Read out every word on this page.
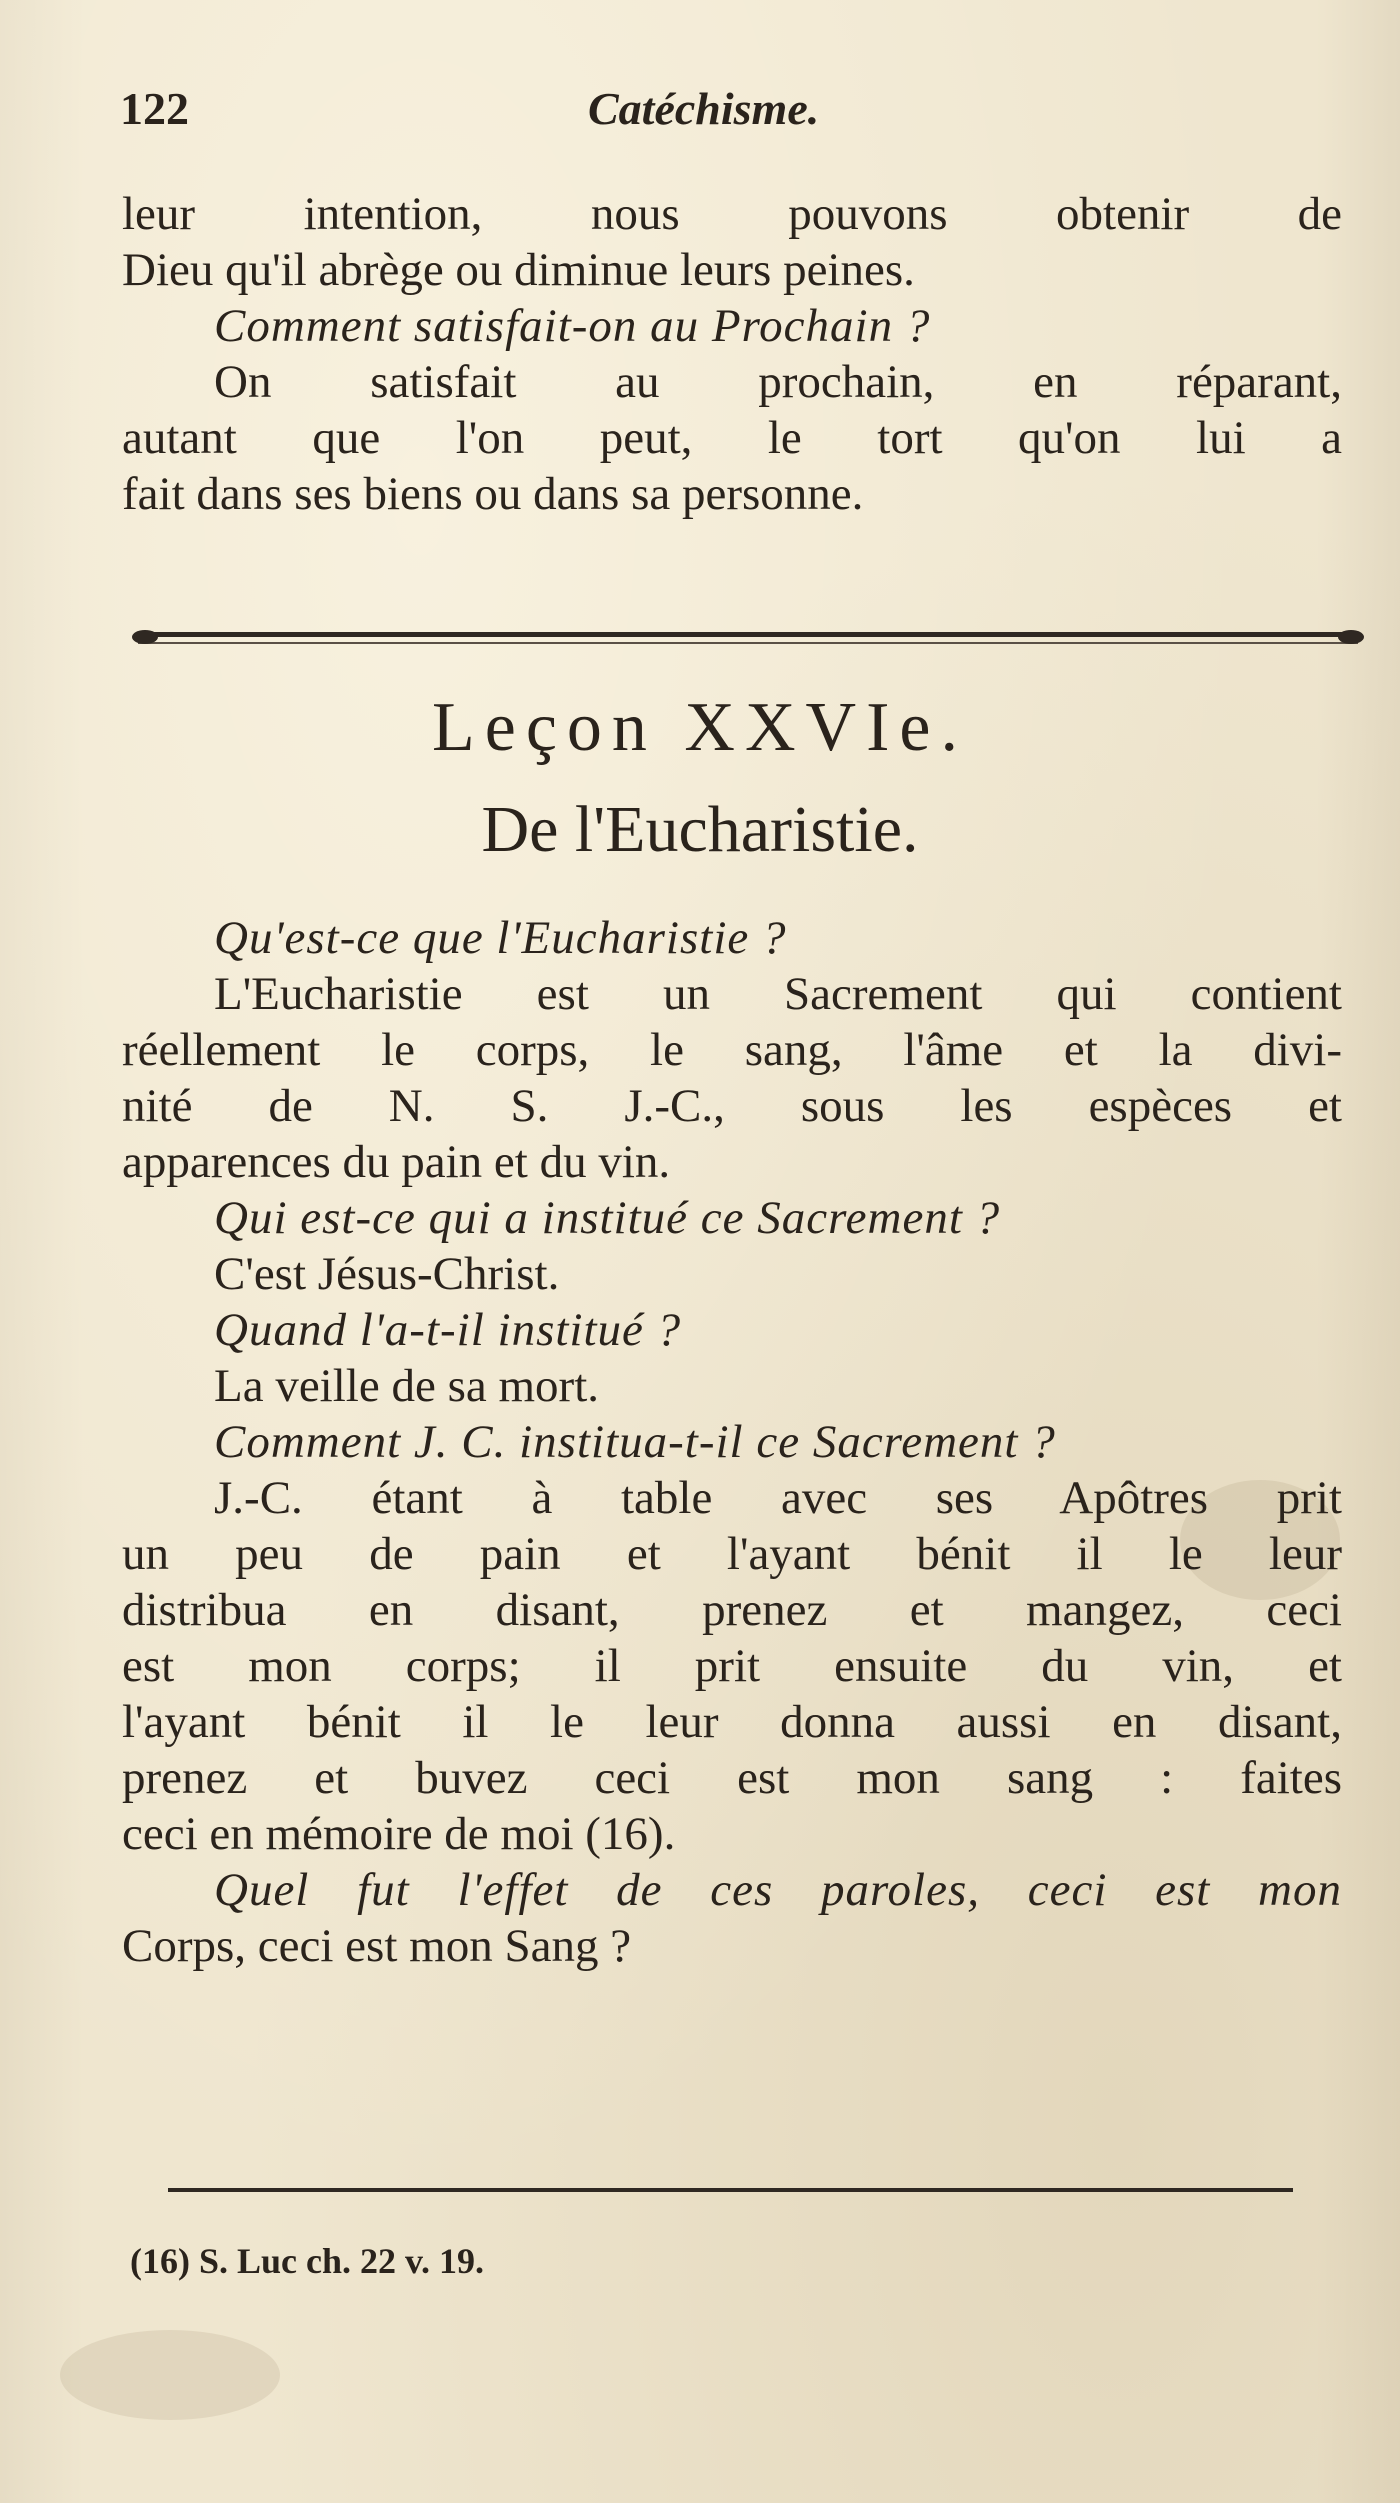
122	Catéchisme.
leur intention, nous pouvons obtenir de
Dieu qu'il abrège ou diminue leurs peines.
Comment satisfait-on au Prochain ?
On satisfait au prochain, en réparant,
autant que l'on peut, le tort qu'on lui a
fait dans ses biens ou dans sa personne.
Leçon XXVIe.
De l'Eucharistie.
Qu'est-ce que l'Eucharistie ?
L'Eucharistie est un Sacrement qui contient
réellement le corps, le sang, l'âme et la divi-
nité de N. S. J.-C., sous les espèces et
apparences du pain et du vin.
Qui est-ce qui a institué ce Sacrement ?
C'est Jésus-Christ.
Quand l'a-t-il institué ?
La veille de sa mort.
Comment J. C. institua-t-il ce Sacrement ?
J.-C. étant à table avec ses Apôtres prit
un peu de pain et l'ayant bénit il le leur
distribua en disant, prenez et mangez, ceci
est mon corps; il prit ensuite du vin, et
l'ayant bénit il le leur donna aussi en disant,
prenez et buvez ceci est mon sang : faites
ceci en mémoire de moi (16).
Quel fut l'effet de ces paroles, ceci est mon
Corps, ceci est mon Sang ?
(16) S. Luc ch. 22 v. 19.
